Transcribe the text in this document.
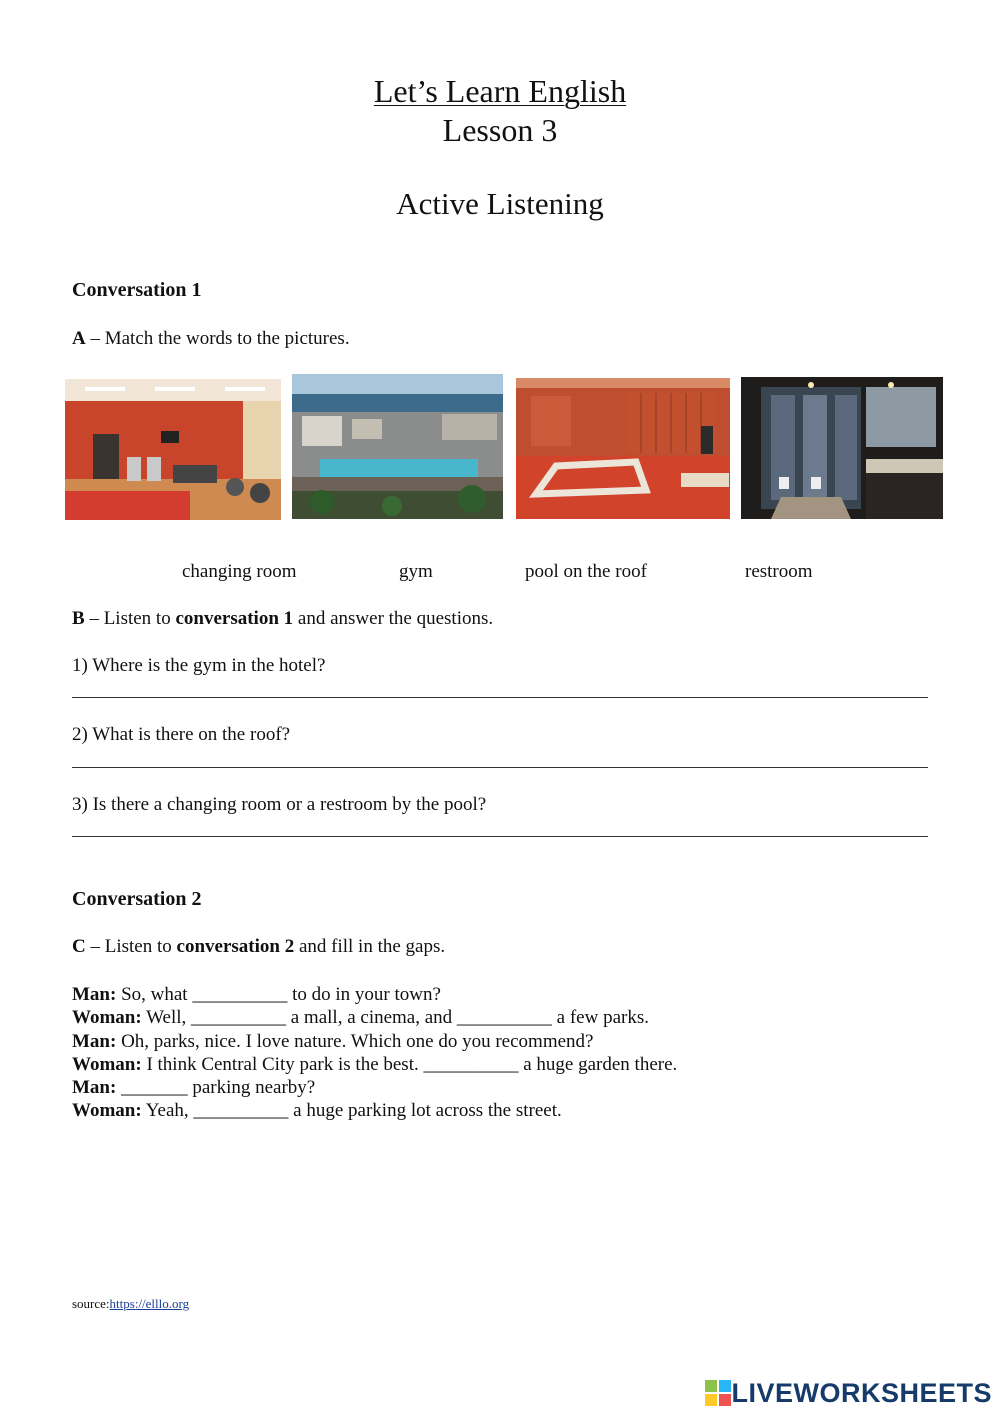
Let’s Learn English
Lesson 3
Active Listening
Conversation 1
A – Match the words to the pictures.
changing room	gym	pool on the roof	restroom
B – Listen to conversation 1 and answer the questions.
1) Where is the gym in the hotel?
2) What is there on the roof?
3) Is there a changing room or a restroom by the pool?
Conversation 2
C – Listen to conversation 2 and fill in the gaps.
Man: So, what __________ to do in your town?
Woman: Well, __________ a mall, a cinema, and __________ a few parks.
Man: Oh, parks, nice. I love nature. Which one do you recommend?
Woman: I think Central City park is the best. __________ a huge garden there.
Man: _______ parking nearby?
Woman: Yeah, __________ a huge parking lot across the street.
source:https://elllo.org
LIVEWORKSHEETS
